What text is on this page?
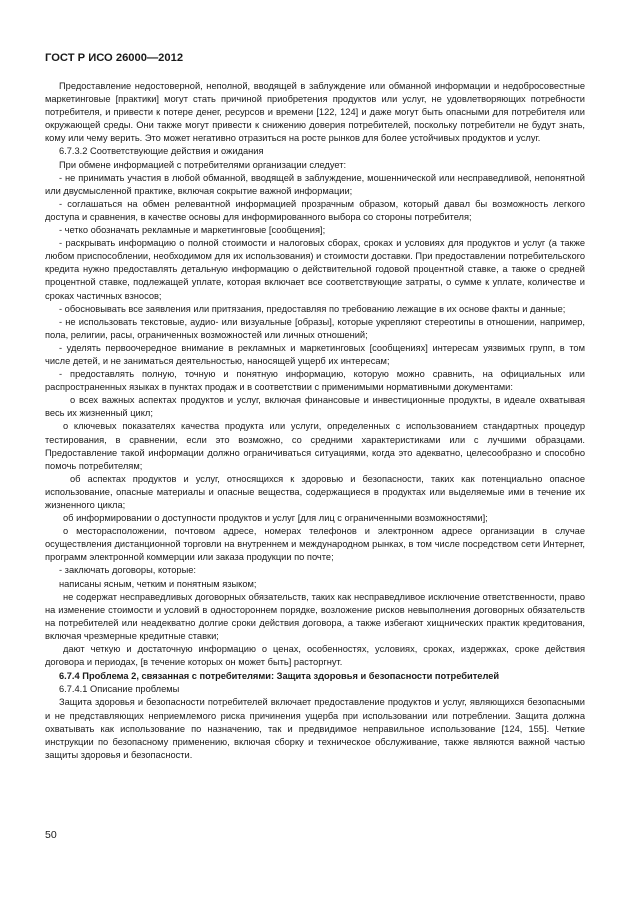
ГОСТ Р ИСО 26000—2012

Предоставление недостоверной, неполной, вводящей в заблуждение или обманной информации и недобросовестные маркетинговые [практики] могут стать причиной приобретения продуктов или услуг, не удовлетворяющих потребности потребителя, и привести к потере денег, ресурсов и времени [122, 124] и даже могут быть опасными для потребителя или окружающей среды. Они также могут привести к снижению доверия потребителей, поскольку потребители не будут знать, кому или чему верить. Это может негативно отразиться на росте рынков для более устойчивых продуктов и услуг.

6.7.3.2 Соответствующие действия и ожидания

При обмене информацией с потребителями организации следует:

- не принимать участия в любой обманной, вводящей в заблуждение, мошеннической или несправедливой, непонятной или двусмысленной практике, включая сокрытие важной информации;

- соглашаться на обмен релевантной информацией прозрачным образом, который давал бы возможность легкого доступа и сравнения, в качестве основы для информированного выбора со стороны потребителя;

- четко обозначать рекламные и маркетинговые [сообщения];

- раскрывать информацию о полной стоимости и налоговых сборах, сроках и условиях для продуктов и услуг (а также любом приспособлении, необходимом для их использования) и стоимости доставки. При предоставлении потребительского кредита нужно предоставлять детальную информацию о действительной годовой процентной ставке, а также о средней процентной ставке, подлежащей уплате, которая включает все соответствующие затраты, о сумме к уплате, количестве и сроках частичных взносов;

- обосновывать все заявления или притязания, предоставляя по требованию лежащие в их основе факты и данные;

- не использовать текстовые, аудио- или визуальные [образы], которые укрепляют стереотипы в отношении, например, пола, религии, расы, ограниченных возможностей или личных отношений;

- уделять первоочередное внимание в рекламных и маркетинговых [сообщениях] интересам уязвимых групп, в том числе детей, и не заниматься деятельностью, наносящей ущерб их интересам;

- предоставлять полную, точную и понятную информацию, которую можно сравнить, на официальных или распространенных языках в пунктах продаж и в соответствии с применимыми нормативными документами:

о всех важных аспектах продуктов и услуг, включая финансовые и инвестиционные продукты, в идеале охватывая весь их жизненный цикл;

о ключевых показателях качества продукта или услуги, определенных с использованием стандартных процедур тестирования, в сравнении, если это возможно, со средними характеристиками или с лучшими образцами. Предоставление такой информации должно ограничиваться ситуациями, когда это адекватно, целесообразно и способно помочь потребителям;

об аспектах продуктов и услуг, относящихся к здоровью и безопасности, таких как потенциально опасное использование, опасные материалы и опасные вещества, содержащиеся в продуктах или выделяемые ими в течение их жизненного цикла;

об информировании о доступности продуктов и услуг [для лиц с ограниченными возможностями];

о месторасположении, почтовом адресе, номерах телефонов и электронном адресе организации в случае осуществления дистанционной торговли на внутреннем и международном рынках, в том числе посредством сети Интернет, программ электронной коммерции или заказа продукции по почте;

- заключать договоры, которые:

написаны ясным, четким и понятным языком;

не содержат несправедливых договорных обязательств, таких как несправедливое исключение ответственности, право на изменение стоимости и условий в одностороннем порядке, возложение рисков невыполнения договорных обязательств на потребителей или неадекватно долгие сроки действия договора, а также избегают хищнических практик кредитования, включая чрезмерные кредитные ставки;

дают четкую и достаточную информацию о ценах, особенностях, условиях, сроках, издержках, сроке действия договора и периодах, [в течение которых он может быть] расторгнут.

6.7.4 Проблема 2, связанная с потребителями: Защита здоровья и безопасности потребителей

6.7.4.1 Описание проблемы

Защита здоровья и безопасности потребителей включает предоставление продуктов и услуг, являющихся безопасными и не представляющих неприемлемого риска причинения ущерба при использовании или потреблении. Защита должна охватывать как использование по назначению, так и предвидимое неправильное использование [124, 155]. Четкие инструкции по безопасному применению, включая сборку и техническое обслуживание, также являются важной частью защиты здоровья и безопасности.

50
